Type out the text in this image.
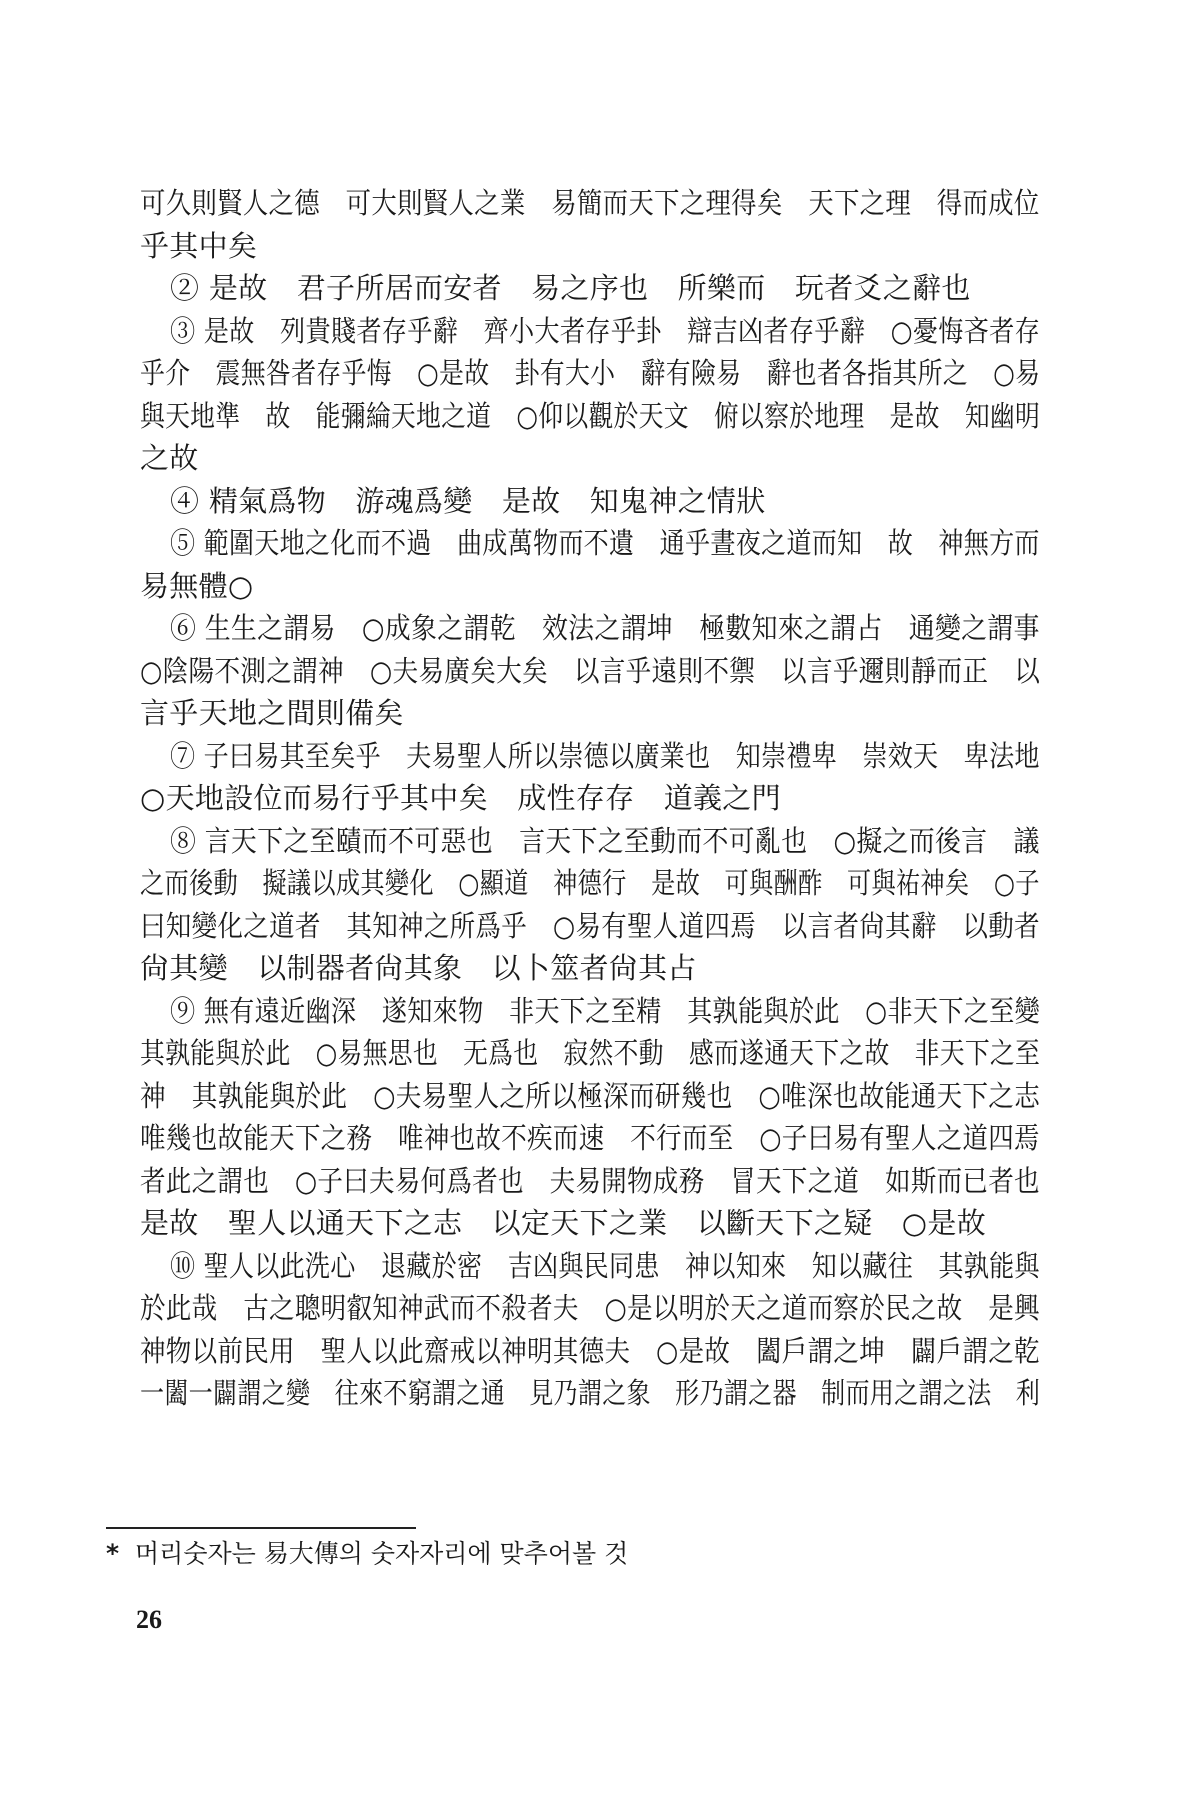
可久則賢人之德　可大則賢人之業　易簡而天下之理得矣　天下之理　得而成位
乎其中矣
② 是故　君子所居而安者　易之序也　所樂而　玩者爻之辭也
③ 是故　列貴賤者存乎辭　齊小大者存乎卦　辯吉凶者存乎辭　○憂悔吝者存
乎介　震無咎者存乎悔　○是故　卦有大小　辭有險易　辭也者各指其所之　○易
與天地準　故　能彌綸天地之道　○仰以觀於天文　俯以察於地理　是故　知幽明
之故
④ 精氣爲物　游魂爲變　是故　知鬼神之情狀
⑤ 範圍天地之化而不過　曲成萬物而不遺　通乎晝夜之道而知　故　神無方而
易無體○
⑥ 生生之謂易　○成象之謂乾　效法之謂坤　極數知來之謂占　通變之謂事
○陰陽不測之謂神　○夫易廣矣大矣　以言乎遠則不禦　以言乎邇則靜而正　以
言乎天地之間則備矣
⑦ 子曰易其至矣乎　夫易聖人所以崇德以廣業也　知崇禮卑　崇效天　卑法地
○天地設位而易行乎其中矣　成性存存　道義之門
⑧ 言天下之至賾而不可惡也　言天下之至動而不可亂也　○擬之而後言　議
之而後動　擬議以成其變化　○顯道　神德行　是故　可與酬酢　可與祐神矣　○子
曰知變化之道者　其知神之所爲乎　○易有聖人道四焉　以言者尙其辭　以動者
尙其變　以制器者尙其象　以卜筮者尙其占
⑨ 無有遠近幽深　遂知來物　非天下之至精　其孰能與於此　○非天下之至變
其孰能與於此　○易無思也　无爲也　寂然不動　感而遂通天下之故　非天下之至
神　其孰能與於此　○夫易聖人之所以極深而研幾也　○唯深也故能通天下之志
唯幾也故能天下之務　唯神也故不疾而速　不行而至　○子曰易有聖人之道四焉
者此之謂也　○子曰夫易何爲者也　夫易開物成務　冒天下之道　如斯而已者也
是故　聖人以通天下之志　以定天下之業　以斷天下之疑　○是故
⑩ 聖人以此洗心　退藏於密　吉凶與民同患　神以知來　知以藏往　其孰能與
於此哉　古之聰明叡知神武而不殺者夫　○是以明於天之道而察於民之故　是興
神物以前民用　聖人以此齋戒以神明其德夫　○是故　闔戶謂之坤　闢戶謂之乾
一闔一闢謂之變　往來不窮謂之通　見乃謂之象　形乃謂之器　制而用之謂之法　利
* 머리숫자는 易大傳의 숫자자리에 맞추어볼 것
26
